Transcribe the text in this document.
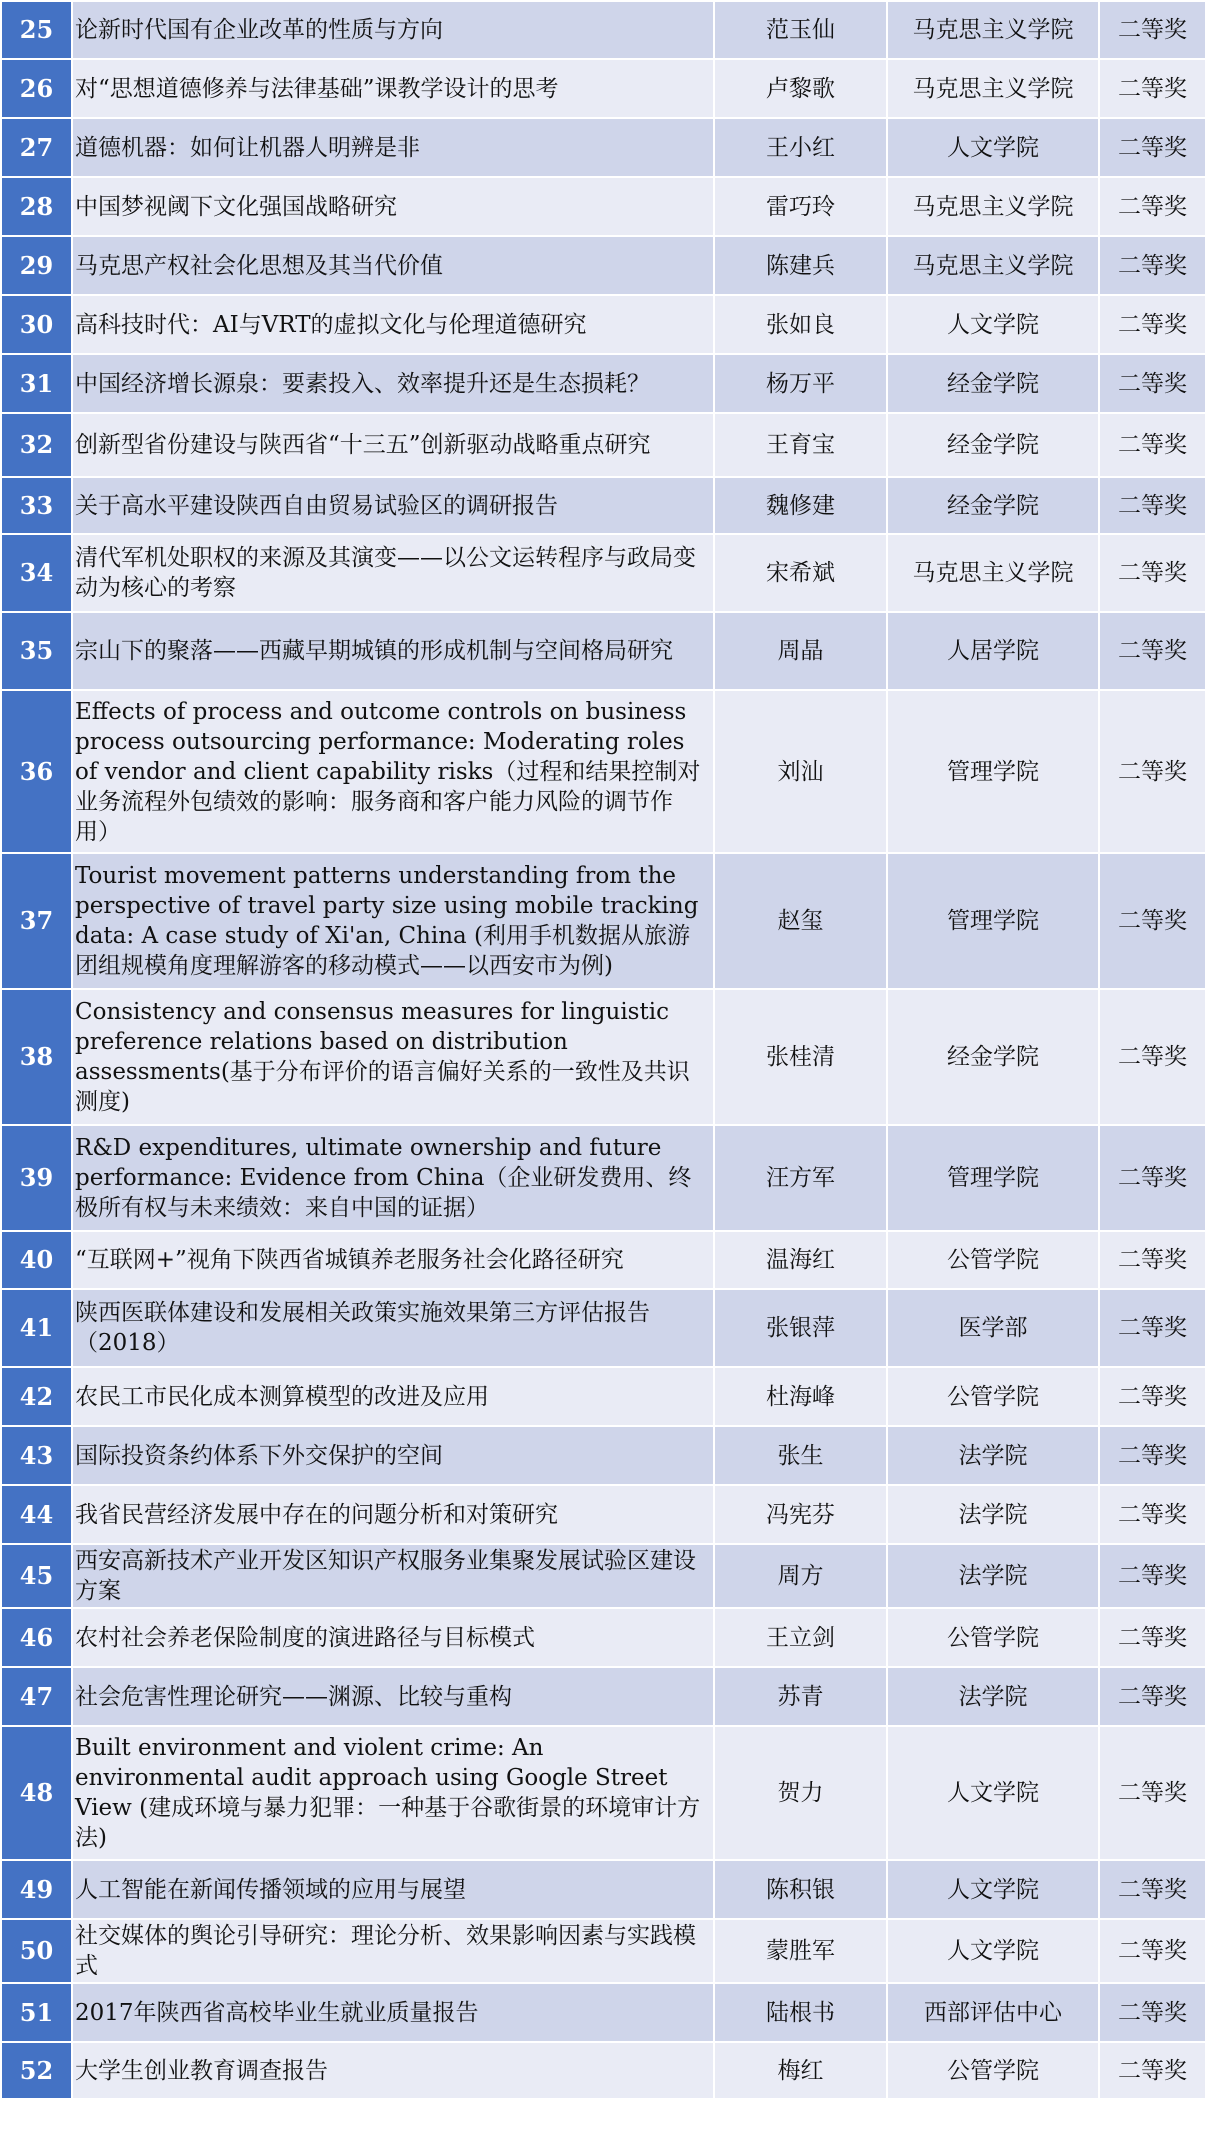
25	论新时代国有企业改革的性质与方向	范玉仙	马克思主义学院	二等奖
26	对“思想道德修养与法律基础”课教学设计的思考	卢黎歌	马克思主义学院	二等奖
27	道德机器：如何让机器人明辨是非	王小红	人文学院	二等奖
28	中国梦视阈下文化强国战略研究	雷巧玲	马克思主义学院	二等奖
29	马克思产权社会化思想及其当代价值	陈建兵	马克思主义学院	二等奖
30	高科技时代：AI与VRT的虚拟文化与伦理道德研究	张如良	人文学院	二等奖
31	中国经济增长源泉：要素投入、效率提升还是生态损耗？	杨万平	经金学院	二等奖
32	创新型省份建设与陕西省“十三五”创新驱动战略重点研究	王育宝	经金学院	二等奖
33	关于高水平建设陕西自由贸易试验区的调研报告	魏修建	经金学院	二等奖
34	清代军机处职权的来源及其演变——以公文运转程序与政局变动为核心的考察	宋希斌	马克思主义学院	二等奖
35	宗山下的聚落——西藏早期城镇的形成机制与空间格局研究	周晶	人居学院	二等奖
36	Effects of process and outcome controls on business process outsourcing performance: Moderating roles of vendor and client capability risks（过程和结果控制对业务流程外包绩效的影响：服务商和客户能力风险的调节作用）	刘汕	管理学院	二等奖
37	Tourist movement patterns understanding from the perspective of travel party size using mobile tracking data: A case study of Xi'an, China (利用手机数据从旅游团组规模角度理解游客的移动模式——以西安市为例)	赵玺	管理学院	二等奖
38	Consistency and consensus measures for linguistic preference relations based on distribution assessments(基于分布评价的语言偏好关系的一致性及共识测度)	张桂清	经金学院	二等奖
39	R&D expenditures, ultimate ownership and future performance: Evidence from China（企业研发费用、终极所有权与未来绩效：来自中国的证据）	汪方军	管理学院	二等奖
40	“互联网+”视角下陕西省城镇养老服务社会化路径研究	温海红	公管学院	二等奖
41	陕西医联体建设和发展相关政策实施效果第三方评估报告（2018）	张银萍	医学部	二等奖
42	农民工市民化成本测算模型的改进及应用	杜海峰	公管学院	二等奖
43	国际投资条约体系下外交保护的空间	张生	法学院	二等奖
44	我省民营经济发展中存在的问题分析和对策研究	冯宪芬	法学院	二等奖
45	西安高新技术产业开发区知识产权服务业集聚发展试验区建设方案	周方	法学院	二等奖
46	农村社会养老保险制度的演进路径与目标模式	王立剑	公管学院	二等奖
47	社会危害性理论研究——渊源、比较与重构	苏青	法学院	二等奖
48	Built environment and violent crime: An environmental audit approach using Google Street View (建成环境与暴力犯罪：一种基于谷歌街景的环境审计方法)	贺力	人文学院	二等奖
49	人工智能在新闻传播领域的应用与展望	陈积银	人文学院	二等奖
50	社交媒体的舆论引导研究：理论分析、效果影响因素与实践模式	蒙胜军	人文学院	二等奖
51	2017年陕西省高校毕业生就业质量报告	陆根书	西部评估中心	二等奖
52	大学生创业教育调查报告	梅红	公管学院	二等奖
